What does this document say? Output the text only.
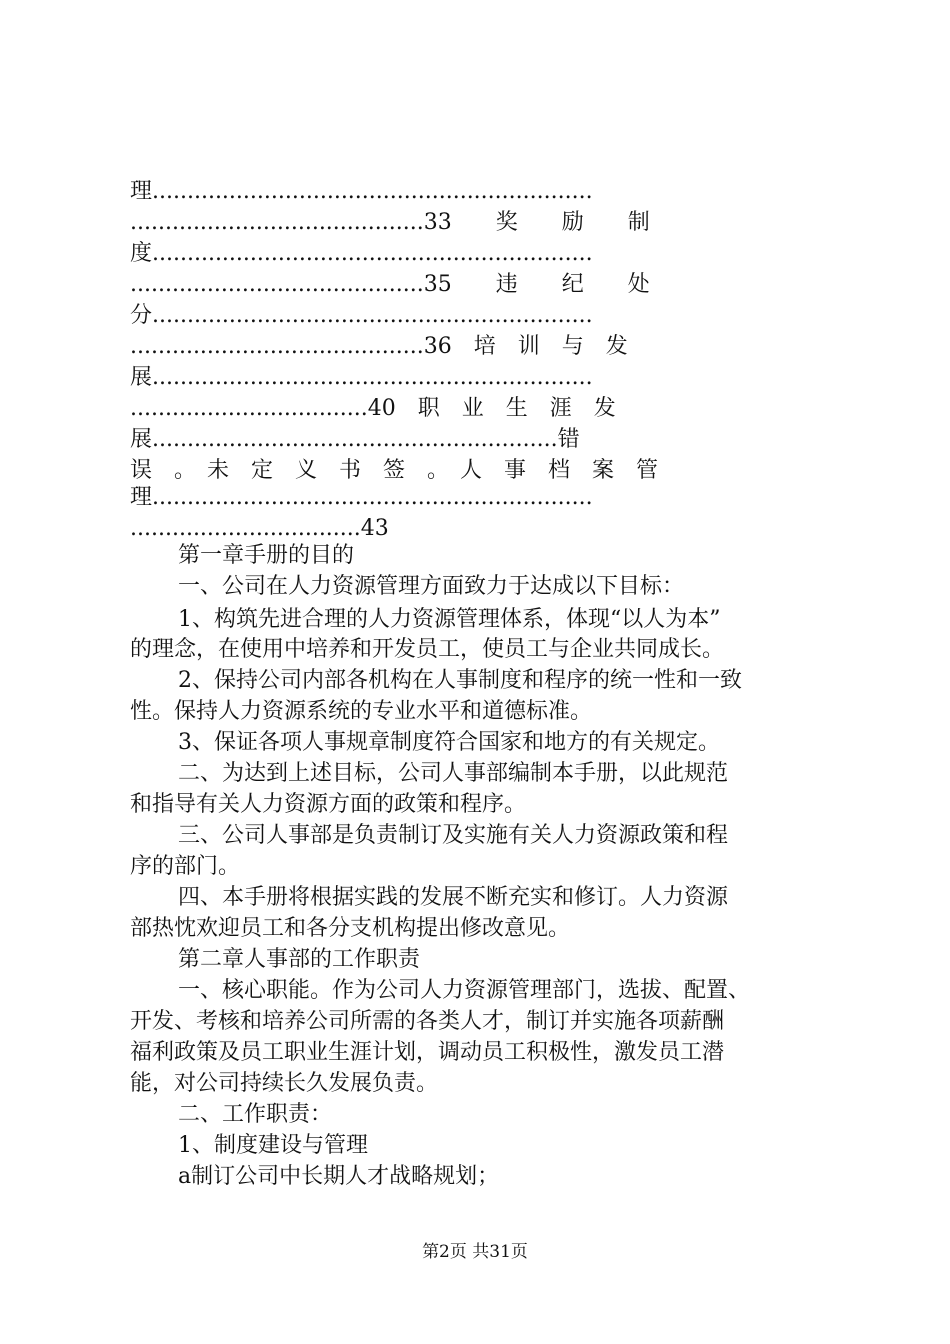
理...............................................................
..........................................33　　奖　　励　　制
度...............................................................
..........................................35　　违　　纪　　处
分...............................................................
..........................................36　培　训　与　发
展...............................................................
..................................40　职　业　生　涯　发
展..........................................................错
误　。　未　定　义　书　签　。　人　事　档　案　管
理...............................................................
.................................43
第一章手册的目的
一、公司在人力资源管理方面致力于达成以下目标：
1、构筑先进合理的人力资源管理体系，体现“以人为本”
的理念，在使用中培养和开发员工，使员工与企业共同成长。
2、保持公司内部各机构在人事制度和程序的统一性和一致
性。保持人力资源系统的专业水平和道德标准。
3、保证各项人事规章制度符合国家和地方的有关规定。
二、为达到上述目标，公司人事部编制本手册，以此规范
和指导有关人力资源方面的政策和程序。
三、公司人事部是负责制订及实施有关人力资源政策和程
序的部门。
四、本手册将根据实践的发展不断充实和修订。人力资源
部热忱欢迎员工和各分支机构提出修改意见。
第二章人事部的工作职责
一、核心职能。作为公司人力资源管理部门，选拔、配置、
开发、考核和培养公司所需的各类人才，制订并实施各项薪酬
福利政策及员工职业生涯计划，调动员工积极性，激发员工潜
能，对公司持续长久发展负责。
二、工作职责：
1、制度建设与管理
a制订公司中长期人才战略规划；
第2页 共31页
